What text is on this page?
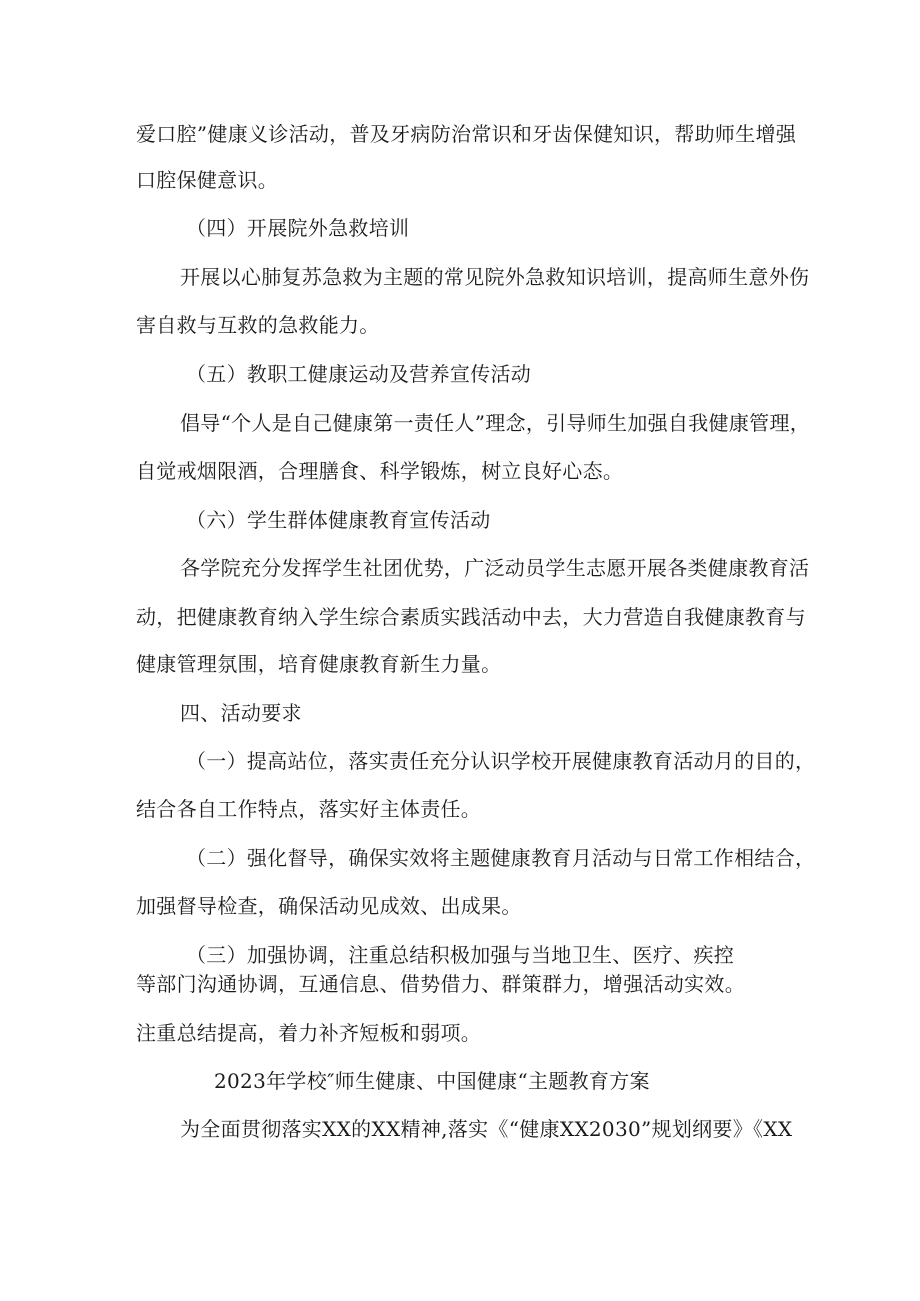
爱口腔”健康义诊活动，普及牙病防治常识和牙齿保健知识，帮助师生增强
口腔保健意识。
（四）开展院外急救培训
开展以心肺复苏急救为主题的常见院外急救知识培训，提高师生意外伤
害自救与互救的急救能力。
（五）教职工健康运动及营养宣传活动
倡导“个人是自己健康第一责任人”理念，引导师生加强自我健康管理，
自觉戒烟限酒，合理膳食、科学锻炼，树立良好心态。
（六）学生群体健康教育宣传活动
各学院充分发挥学生社团优势，广泛动员学生志愿开展各类健康教育活
动，把健康教育纳入学生综合素质实践活动中去，大力营造自我健康教育与
健康管理氛围，培育健康教育新生力量。
四、活动要求
（一）提高站位，落实责任充分认识学校开展健康教育活动月的目的，
结合各自工作特点，落实好主体责任。
（二）强化督导，确保实效将主题健康教育月活动与日常工作相结合，
加强督导检查，确保活动见成效、出成果。
（三）加强协调，注重总结积极加强与当地卫生、医疗、疾控
等部门沟通协调，互通信息、借势借力、群策群力，增强活动实效。
注重总结提高，着力补齐短板和弱项。
2023年学校″师生健康、中国健康“主题教育方案
为全面贯彻落实XX的XX精神,落实《“健康XX2030”规划纲要》《XX
